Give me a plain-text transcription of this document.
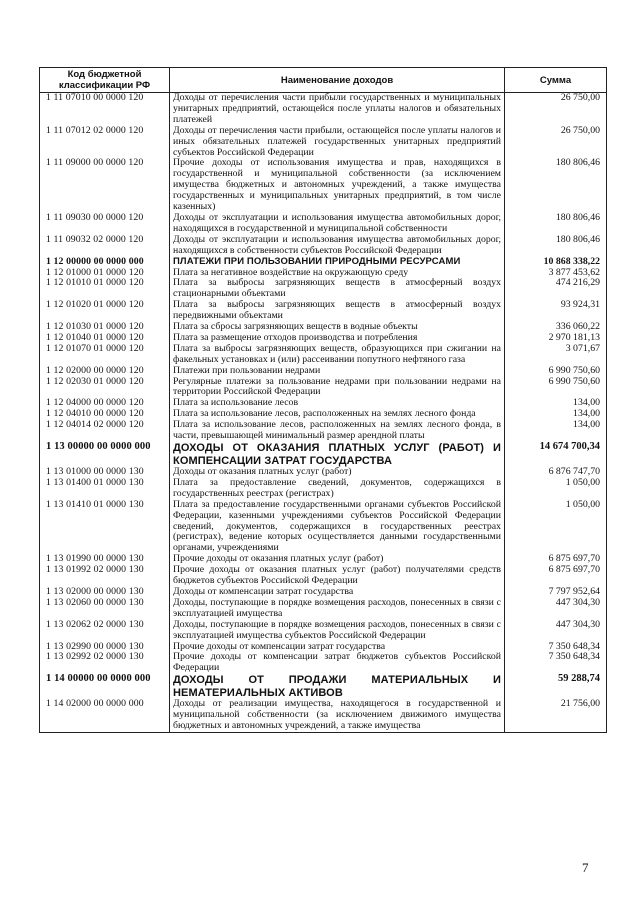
Код бюджетной классификации РФ	Наименование доходов	Сумма
1 11 07010 00 0000 120	Доходы от перечисления части прибыли государственных и муниципальных унитарных предприятий, остающейся после уплаты налогов и обязательных платежей	26 750,00
1 11 07012 02 0000 120	Доходы от перечисления части прибыли, остающейся после уплаты налогов и иных обязательных платежей государственных унитарных предприятий субъектов Российской Федерации	26 750,00
1 11 09000 00 0000 120	Прочие доходы от использования имущества и прав, находящихся в государственной и муниципальной собственности (за исключением имущества бюджетных и автономных учреждений, а также имущества государственных и муниципальных унитарных предприятий, в том числе казенных)	180 806,46
1 11 09030 00 0000 120	Доходы от эксплуатации и использования имущества автомобильных дорог, находящихся в государственной и муниципальной собственности	180 806,46
1 11 09032 02 0000 120	Доходы от эксплуатации и использования имущества автомобильных дорог, находящихся в собственности субъектов Российской Федерации	180 806,46
1 12 00000 00 0000 000	ПЛАТЕЖИ ПРИ ПОЛЬЗОВАНИИ ПРИРОДНЫМИ РЕСУРСАМИ	10 868 338,22
1 12 01000 01 0000 120	Плата за негативное воздействие на окружающую среду	3 877 453,62
1 12 01010 01 0000 120	Плата за выбросы загрязняющих веществ в атмосферный воздух стационарными объектами	474 216,29
1 12 01020 01 0000 120	Плата за выбросы загрязняющих веществ в атмосферный воздух передвижными объектами	93 924,31
1 12 01030 01 0000 120	Плата за сбросы загрязняющих веществ в водные объекты	336 060,22
1 12 01040 01 0000 120	Плата за размещение отходов производства и потребления	2 970 181,13
1 12 01070 01 0000 120	Плата за выбросы загрязняющих веществ, образующихся при сжигании на факельных установках и (или) рассеивании попутного нефтяного газа	3 071,67
1 12 02000 00 0000 120	Платежи при пользовании недрами	6 990 750,60
1 12 02030 01 0000 120	Регулярные платежи за пользование недрами при пользовании недрами на территории Российской Федерации	6 990 750,60
1 12 04000 00 0000 120	Плата за использование лесов	134,00
1 12 04010 00 0000 120	Плата за использование лесов, расположенных на землях лесного фонда	134,00
1 12 04014 02 0000 120	Плата за использование лесов, расположенных на землях лесного фонда, в части, превышающей минимальный размер арендной платы	134,00
1 13 00000 00 0000 000	ДОХОДЫ ОТ ОКАЗАНИЯ ПЛАТНЫХ УСЛУГ (РАБОТ) И КОМПЕНСАЦИИ ЗАТРАТ ГОСУДАРСТВА	14 674 700,34
1 13 01000 00 0000 130	Доходы от оказания платных услуг (работ)	6 876 747,70
1 13 01400 01 0000 130	Плата за предоставление сведений, документов, содержащихся в государственных реестрах (регистрах)	1 050,00
1 13 01410 01 0000 130	Плата за предоставление государственными органами субъектов Российской Федерации, казенными учреждениями субъектов Российской Федерации сведений, документов, содержащихся в государственных реестрах (регистрах), ведение которых осуществляется данными государственными органами, учреждениями	1 050,00
1 13 01990 00 0000 130	Прочие доходы от оказания платных услуг (работ)	6 875 697,70
1 13 01992 02 0000 130	Прочие доходы от оказания платных услуг (работ) получателями средств бюджетов субъектов Российской Федерации	6 875 697,70
1 13 02000 00 0000 130	Доходы от компенсации затрат государства	7 797 952,64
1 13 02060 00 0000 130	Доходы, поступающие в порядке возмещения расходов, понесенных в связи с эксплуатацией имущества	447 304,30
1 13 02062 02 0000 130	Доходы, поступающие в порядке возмещения расходов, понесенных в связи с эксплуатацией имущества субъектов Российской Федерации	447 304,30
1 13 02990 00 0000 130	Прочие доходы от компенсации затрат государства	7 350 648,34
1 13 02992 02 0000 130	Прочие доходы от компенсации затрат бюджетов субъектов Российской Федерации	7 350 648,34
1 14 00000 00 0000 000	ДОХОДЫ ОТ ПРОДАЖИ МАТЕРИАЛЬНЫХ И НЕМАТЕРИАЛЬНЫХ АКТИВОВ	59 288,74
1 14 02000 00 0000 000	Доходы от реализации имущества, находящегося в государственной и муниципальной собственности (за исключением движимого имущества бюджетных и автономных учреждений, а также имущества	21 756,00
7
